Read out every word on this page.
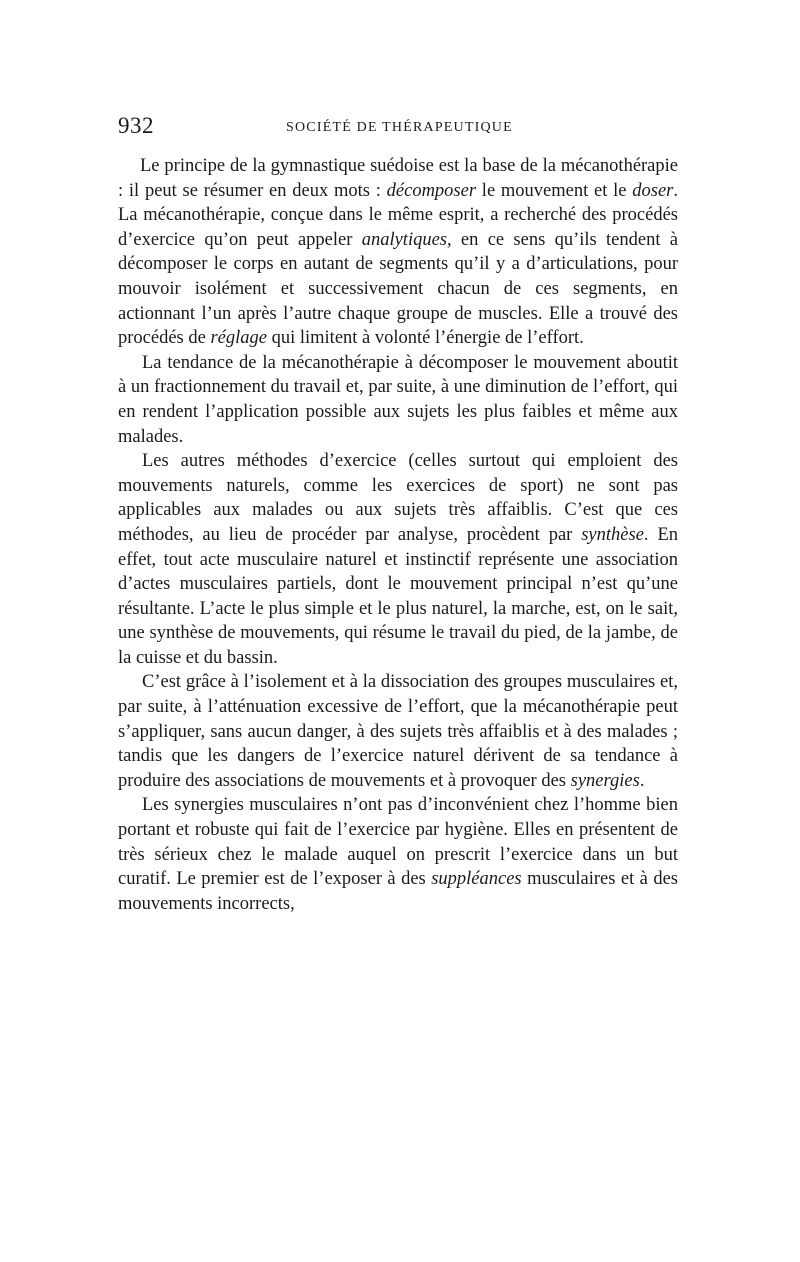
932	SOCIÉTÉ DE THÉRAPEUTIQUE

Le principe de la gymnastique suédoise est la base de la mécanothérapie : il peut se résumer en deux mots : décomposer le mouvement et le doser. La mécanothérapie, conçue dans le même esprit, a recherché des procédés d’exercice qu’on peut appeler analytiques, en ce sens qu’ils tendent à décomposer le corps en autant de segments qu’il y a d’articulations, pour mouvoir isolément et successivement chacun de ces segments, en actionnant l’un après l’autre chaque groupe de muscles. Elle a trouvé des procédés de réglage qui limitent à volonté l’énergie de l’effort.

La tendance de la mécanothérapie à décomposer le mouvement aboutit à un fractionnement du travail et, par suite, à une diminution de l’effort, qui en rendent l’application possible aux sujets les plus faibles et même aux malades.

Les autres méthodes d’exercice (celles surtout qui emploient des mouvements naturels, comme les exercices de sport) ne sont pas applicables aux malades ou aux sujets très affaiblis. C’est que ces méthodes, au lieu de procéder par analyse, procèdent par synthèse. En effet, tout acte musculaire naturel et instinctif représente une association d’actes musculaires partiels, dont le mouvement principal n’est qu’une résultante. L’acte le plus simple et le plus naturel, la marche, est, on le sait, une synthèse de mouvements, qui résume le travail du pied, de la jambe, de la cuisse et du bassin.

C’est grâce à l’isolement et à la dissociation des groupes musculaires et, par suite, à l’atténuation excessive de l’effort, que la mécanothérapie peut s’appliquer, sans aucun danger, à des sujets très affaiblis et à des malades ; tandis que les dangers de l’exercice naturel dérivent de sa tendance à produire des associations de mouvements et à provoquer des synergies.

Les synergies musculaires n’ont pas d’inconvénient chez l’homme bien portant et robuste qui fait de l’exercice par hygiène. Elles en présentent de très sérieux chez le malade auquel on prescrit l’exercice dans un but curatif. Le premier est de l’exposer à des suppléances musculaires et à des mouvements incorrects,
